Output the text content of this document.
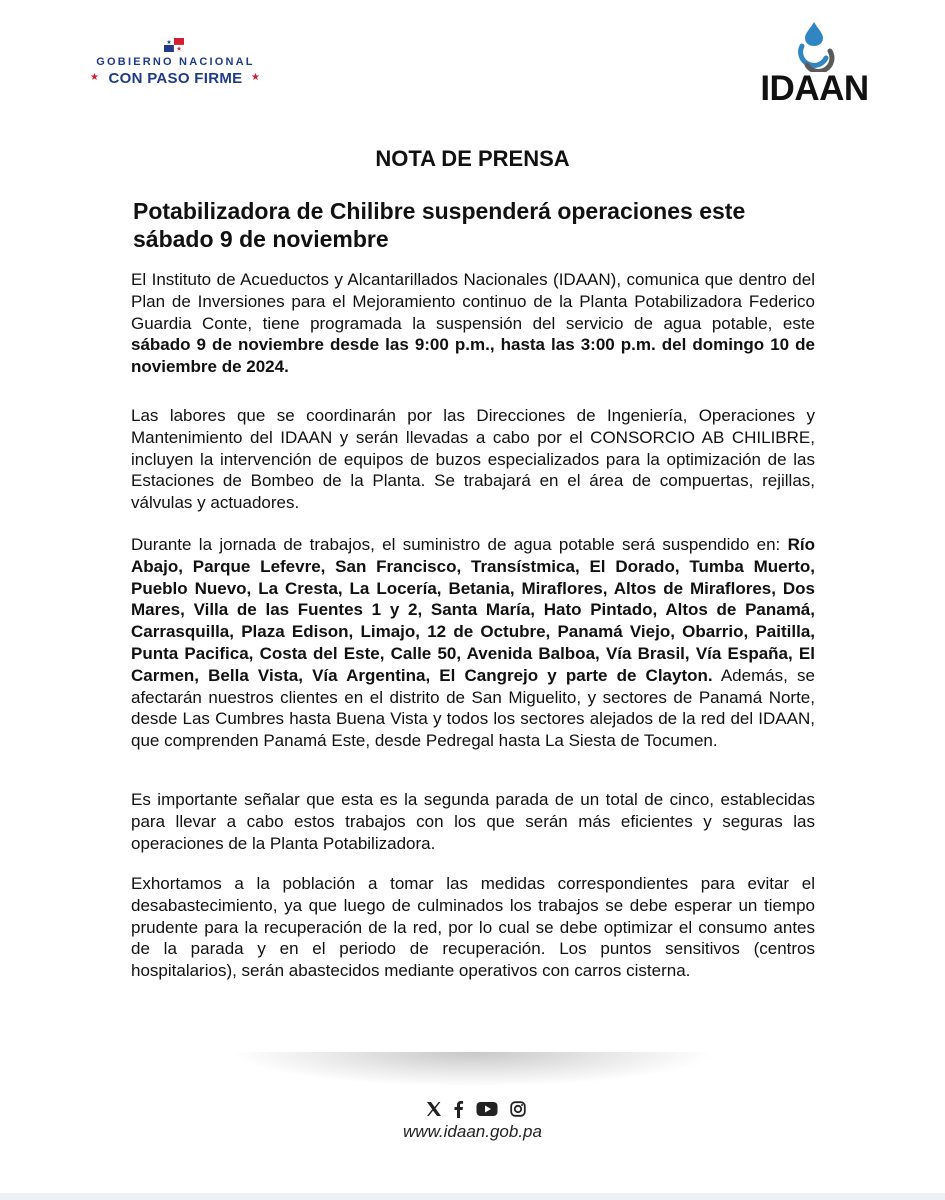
GOBIERNO NACIONAL
★ CON PASO FIRME ★	IDAAN
NOTA DE PRENSA
Potabilizadora de Chilibre suspenderá operaciones este sábado 9 de noviembre

El Instituto de Acueductos y Alcantarillados Nacionales (IDAAN), comunica que dentro del Plan de Inversiones para el Mejoramiento continuo de la Planta Potabilizadora Federico Guardia Conte, tiene programada la suspensión del servicio de agua potable, este sábado 9 de noviembre desde las 9:00 p.m., hasta las 3:00 p.m. del domingo 10 de noviembre de 2024.

Las labores que se coordinarán por las Direcciones de Ingeniería, Operaciones y Mantenimiento del IDAAN y serán llevadas a cabo por el CONSORCIO AB CHILIBRE, incluyen la intervención de equipos de buzos especializados para la optimización de las Estaciones de Bombeo de la Planta. Se trabajará en el área de compuertas, rejillas, válvulas y actuadores.

Durante la jornada de trabajos, el suministro de agua potable será suspendido en: Río Abajo, Parque Lefevre, San Francisco, Transístmica, El Dorado, Tumba Muerto, Pueblo Nuevo, La Cresta, La Locería, Betania, Miraflores, Altos de Miraflores, Dos Mares, Villa de las Fuentes 1 y 2, Santa María, Hato Pintado, Altos de Panamá, Carrasquilla, Plaza Edison, Limajo, 12 de Octubre, Panamá Viejo, Obarrio, Paitilla, Punta Pacifica, Costa del Este, Calle 50, Avenida Balboa, Vía Brasil, Vía España, El Carmen, Bella Vista, Vía Argentina, El Cangrejo y parte de Clayton. Además, se afectarán nuestros clientes en el distrito de San Miguelito, y sectores de Panamá Norte, desde Las Cumbres hasta Buena Vista y todos los sectores alejados de la red del IDAAN, que comprenden Panamá Este, desde Pedregal hasta La Siesta de Tocumen.

Es importante señalar que esta es la segunda parada de un total de cinco, establecidas para llevar a cabo estos trabajos con los que serán más eficientes y seguras las operaciones de la Planta Potabilizadora.

Exhortamos a la población a tomar las medidas correspondientes para evitar el desabastecimiento, ya que luego de culminados los trabajos se debe esperar un tiempo prudente para la recuperación de la red, por lo cual se debe optimizar el consumo antes de la parada y en el periodo de recuperación. Los puntos sensitivos (centros hospitalarios), serán abastecidos mediante operativos con carros cisterna.

www.idaan.gob.pa
